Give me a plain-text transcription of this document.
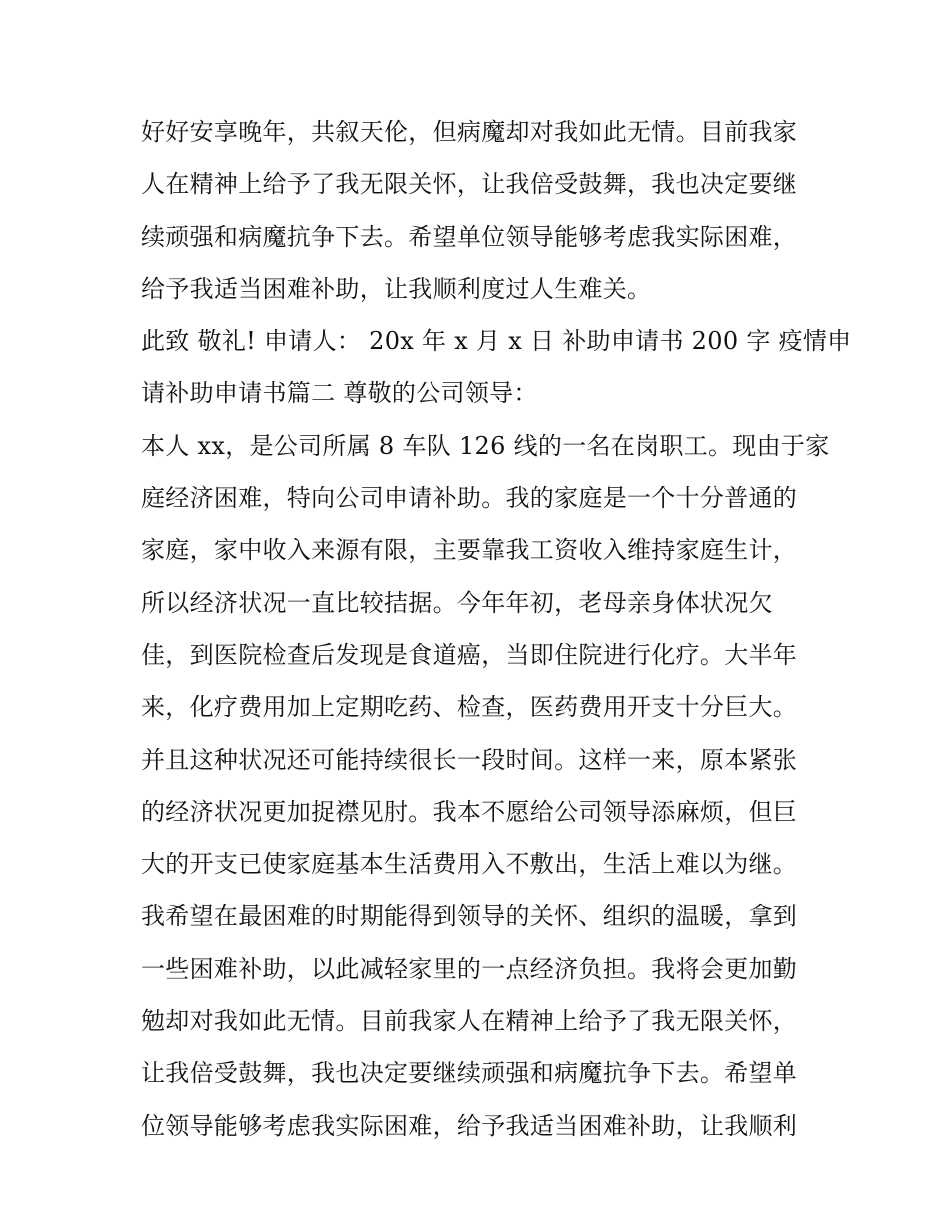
好好安享晚年，共叙天伦，但病魔却对我如此无情。目前我家
人在精神上给予了我无限关怀，让我倍受鼓舞，我也决定要继
续顽强和病魔抗争下去。希望单位领导能够考虑我实际困难，
给予我适当困难补助，让我顺利度过人生难关。
此致 敬礼! 申请人： 20x 年 x 月 x 日 补助申请书 200 字 疫情申
请补助申请书篇二 尊敬的公司领导：
本人 xx，是公司所属 8 车队 126 线的一名在岗职工。现由于家
庭经济困难，特向公司申请补助。我的家庭是一个十分普通的
家庭，家中收入来源有限，主要靠我工资收入维持家庭生计，
所以经济状况一直比较拮据。今年年初，老母亲身体状况欠
佳，到医院检查后发现是食道癌，当即住院进行化疗。大半年
来，化疗费用加上定期吃药、检查，医药费用开支十分巨大。
并且这种状况还可能持续很长一段时间。这样一来，原本紧张
的经济状况更加捉襟见肘。我本不愿给公司领导添麻烦，但巨
大的开支已使家庭基本生活费用入不敷出，生活上难以为继。
我希望在最困难的时期能得到领导的关怀、组织的温暖，拿到
一些困难补助，以此减轻家里的一点经济负担。我将会更加勤
勉却对我如此无情。目前我家人在精神上给予了我无限关怀，
让我倍受鼓舞，我也决定要继续顽强和病魔抗争下去。希望单
位领导能够考虑我实际困难，给予我适当困难补助，让我顺利
